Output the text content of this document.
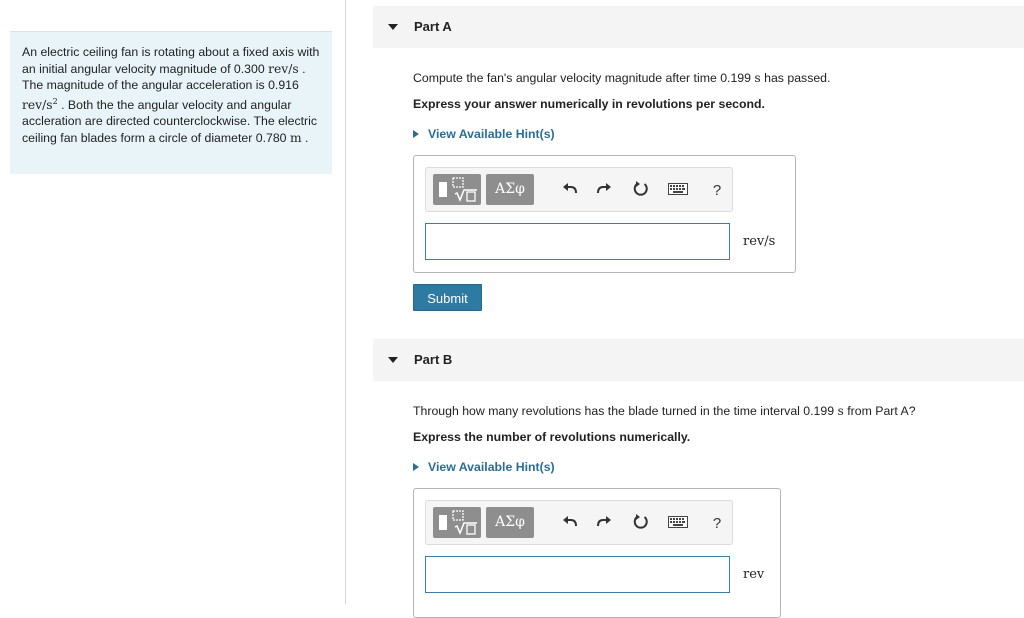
An electric ceiling fan is rotating about a fixed axis with an initial angular velocity magnitude of 0.300 rev/s . The magnitude of the angular acceleration is 0.916 rev/$s^2$ . Both the the angular velocity and angular accleration are directed counterclockwise. The electric ceiling fan blades form a circle of diameter 0.780 m .
Part A
Compute the fan's angular velocity magnitude after time 0.199 s has passed.
Express your answer numerically in revolutions per second.
View Available Hint(s)
ΑΣφ	?
rev/s
Submit
Part B
Through how many revolutions has the blade turned in the time interval 0.199 s from Part A?
Express the number of revolutions numerically.
View Available Hint(s)
ΑΣφ	?
rev
